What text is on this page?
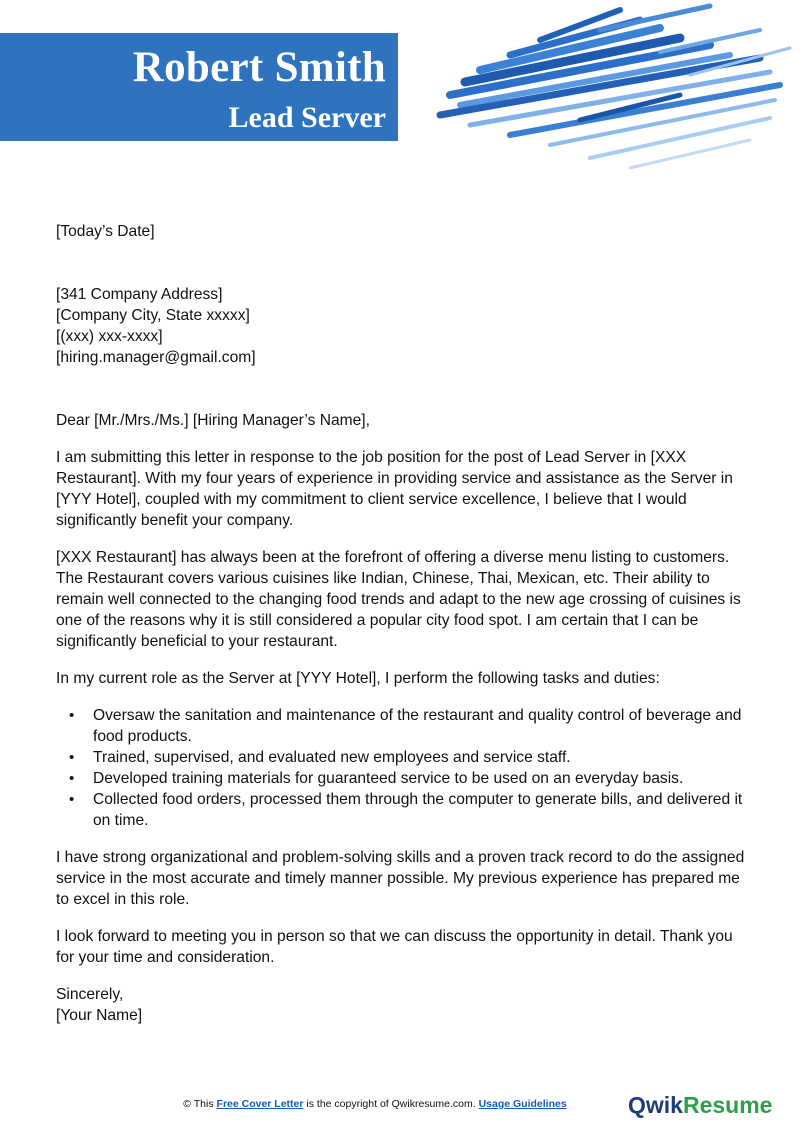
Robert Smith
Lead Server

[Today’s Date]

[341 Company Address]

[Company City, State xxxxx]

[(xxx) xxx-xxxx]

[hiring.manager@gmail.com]

Dear [Mr./Mrs./Ms.] [Hiring Manager’s Name],

I am submitting this letter in response to the job position for the post of Lead Server in [XXX Restaurant]. With my four years of experience in providing service and assistance as the Server in [YYY Hotel], coupled with my commitment to client service excellence, I believe that I would significantly benefit your company.

[XXX Restaurant] has always been at the forefront of offering a diverse menu listing to customers. The Restaurant covers various cuisines like Indian, Chinese, Thai, Mexican, etc. Their ability to remain well connected to the changing food trends and adapt to the new age crossing of cuisines is one of the reasons why it is still considered a popular city food spot. I am certain that I can be significantly beneficial to your restaurant.

In my current role as the Server at [YYY Hotel], I perform the following tasks and duties:

• Oversaw the sanitation and maintenance of the restaurant and quality control of beverage and food products.
• Trained, supervised, and evaluated new employees and service staff.
• Developed training materials for guaranteed service to be used on an everyday basis.
• Collected food orders, processed them through the computer to generate bills, and delivered it on time.

I have strong organizational and problem-solving skills and a proven track record to do the assigned service in the most accurate and timely manner possible. My previous experience has prepared me to excel in this role.

I look forward to meeting you in person so that we can discuss the opportunity in detail. Thank you for your time and consideration.

Sincerely,

[Your Name]

© This Free Cover Letter is the copyright of Qwikresume.com. Usage Guidelines	QwikResume
